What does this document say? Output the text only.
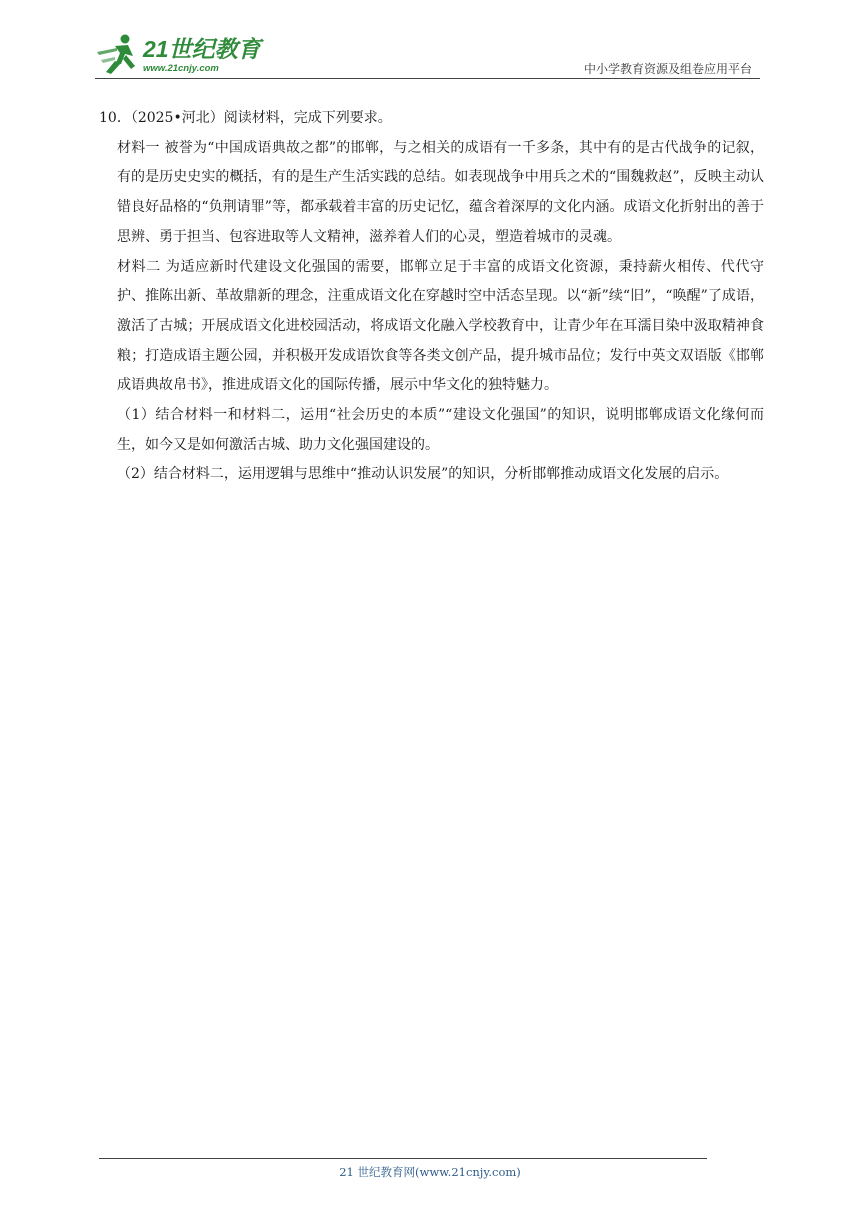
21世纪教育
www.21cnjy.com	中小学教育资源及组卷应用平台

10．（2025•河北）阅读材料，完成下列要求。

材料一 被誉为“中国成语典故之都”的邯郸，与之相关的成语有一千多条，其中有的是古代战争的记叙，有的是历史史实的概括，有的是生产生活实践的总结。如表现战争中用兵之术的“围魏救赵”，反映主动认错良好品格的“负荆请罪”等，都承载着丰富的历史记忆，蕴含着深厚的文化内涵。成语文化折射出的善于思辨、勇于担当、包容进取等人文精神，滋养着人们的心灵，塑造着城市的灵魂。

材料二 为适应新时代建设文化强国的需要，邯郸立足于丰富的成语文化资源，秉持薪火相传、代代守护、推陈出新、革故鼎新的理念，注重成语文化在穿越时空中活态呈现。以“新”续“旧”，“唤醒”了成语，激活了古城；开展成语文化进校园活动，将成语文化融入学校教育中，让青少年在耳濡目染中汲取精神食粮；打造成语主题公园，并积极开发成语饮食等各类文创产品，提升城市品位；发行中英文双语版《邯郸成语典故帛书》，推进成语文化的国际传播，展示中华文化的独特魅力。

（1）结合材料一和材料二，运用“社会历史的本质”“建设文化强国”的知识，说明邯郸成语文化缘何而生，如今又是如何激活古城、助力文化强国建设的。

（2）结合材料二，运用逻辑与思维中“推动认识发展”的知识，分析邯郸推动成语文化发展的启示。

21 世纪教育网(www.21cnjy.com)
